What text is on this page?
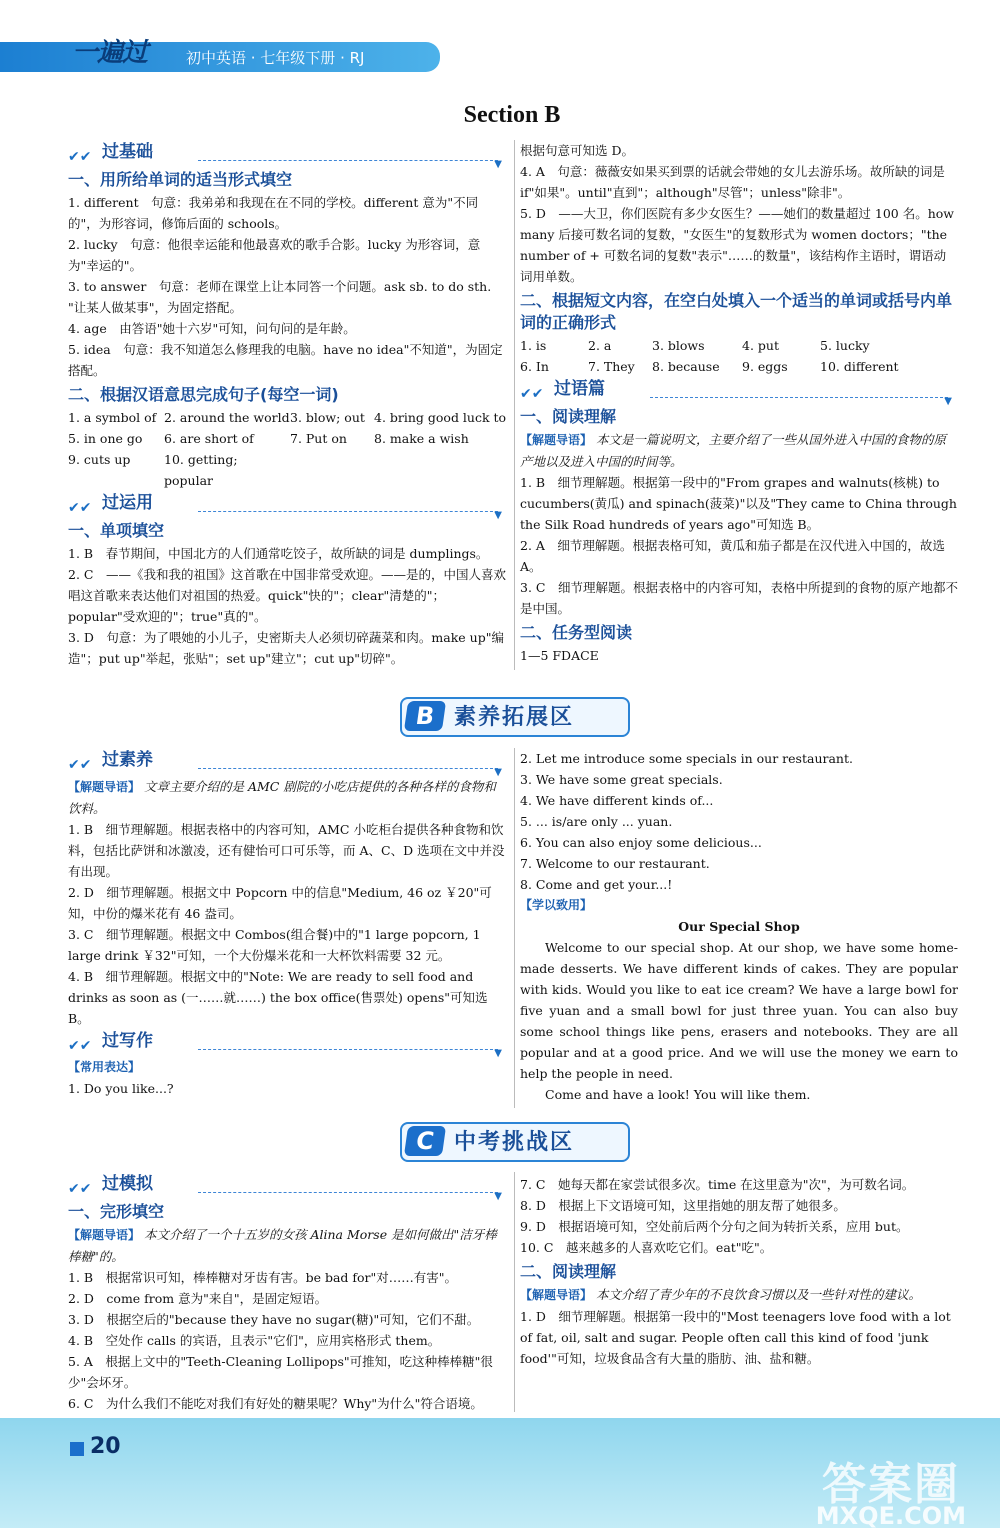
一遍过	初中英语 · 七年级下册 · RJ
Section B
✔✔ 过基础
▼
一、用所给单词的适当形式填空

1. different　句意：我弟弟和我现在在不同的学校。different 意为"不同的"，为形容词，修饰后面的 schools。

2. lucky　句意：他很幸运能和他最喜欢的歌手合影。lucky 为形容词，意为"幸运的"。

3. to answer　句意：老师在课堂上让本同答一个问题。ask sb. to do sth. "让某人做某事"，为固定搭配。

4. age　由答语"她十六岁"可知，问句问的是年龄。

5. idea　句意：我不知道怎么修理我的电脑。have no idea"不知道"，为固定搭配。

二、根据汉语意思完成句子(每空一词)
1. a symbol of 2. around the world 3. blow; out 4. bring good luck to
5. in one go	6. are short of	7. Put on	8. make a wish
9. cuts up	10. getting; popular
✔✔ 过运用
▼
一、单项填空

1. B　春节期间，中国北方的人们通常吃饺子，故所缺的词是 dumplings。

2. C　——《我和我的祖国》这首歌在中国非常受欢迎。——是的，中国人喜欢唱这首歌来表达他们对祖国的热爱。quick"快的"；clear"清楚的"；popular"受欢迎的"；true"真的"。

3. D　句意：为了喂她的小儿子，史密斯夫人必须切碎蔬菜和肉。make up"编造"；put up"举起，张贴"；set up"建立"；cut up"切碎"。

根据句意可知选 D。

4. A　句意：薇薇安如果买到票的话就会带她的女儿去游乐场。故所缺的词是 if"如果"。until"直到"；although"尽管"；unless"除非"。

5. D　——大卫，你们医院有多少女医生？——她们的数量超过 100 名。how many 后接可数名词的复数，"女医生"的复数形式为 women doctors；"the number of + 可数名词的复数"表示"……的数量"，该结构作主语时，谓语动词用单数。

二、根据短文内容，在空白处填入一个适当的单词或括号内单词的正确形式
1. is	2. a	3. blows	4. put	5. lucky
6. In	7. They	8. because	9. eggs	10. different
✔✔ 过语篇
▼
一、阅读理解

【解题导语】 本文是一篇说明文，主要介绍了一些从国外进入中国的食物的原产地以及进入中国的时间等。

1. B　细节理解题。根据第一段中的"From grapes and walnuts(核桃) to cucumbers(黄瓜) and spinach(菠菜)"以及"They came to China through the Silk Road hundreds of years ago"可知选 B。

2. A　细节理解题。根据表格可知，黄瓜和茄子都是在汉代进入中国的，故选 A。

3. C　细节理解题。根据表格中的内容可知，表格中所提到的食物的原产地都不是中国。

二、任务型阅读

1—5 FDACE

B 素养拓展区
✔✔ 过素养
▼

【解题导语】 文章主要介绍的是 AMC 剧院的小吃店提供的各种各样的食物和饮料。

1. B　细节理解题。根据表格中的内容可知，AMC 小吃柜台提供各种食物和饮料，包括比萨饼和冰激凌，还有健怡可口可乐等，而 A、C、D 选项在文中并没有出现。

2. D　细节理解题。根据文中 Popcorn 中的信息"Medium, 46 oz ￥20"可知，中份的爆米花有 46 盎司。

3. C　细节理解题。根据文中 Combos(组合餐)中的"1 large popcorn, 1 large drink ￥32"可知，一个大份爆米花和一大杯饮料需要 32 元。

4. B　细节理解题。根据文中的"Note: We are ready to sell food and drinks as soon as (一……就……) the box office(售票处) opens"可知选 B。

✔✔ 过写作
▼

【常用表达】

1. Do you like...?

2. Let me introduce some specials in our restaurant.

3. We have some great specials.

4. We have different kinds of...

5. ... is/are only ... yuan.

6. You can also enjoy some delicious...

7. Welcome to our restaurant.

8. Come and get your...!

【学以致用】

Our Special Shop

Welcome to our special shop. At our shop, we have some home-made desserts. We have different kinds of cakes. They are popular with kids. Would you like to eat ice cream? We have a large bowl for five yuan and a small bowl for just three yuan. You can also buy some school things like pens, erasers and notebooks. They are all popular and at a good price. And we will use the money we earn to help the people in need.

Come and have a look! You will like them.

C 中考挑战区
✔✔ 过模拟
▼
一、完形填空

【解题导语】 本文介绍了一个十五岁的女孩 Alina Morse 是如何做出"洁牙棒棒糖"的。

1. B　根据常识可知，棒棒糖对牙齿有害。be bad for"对……有害"。

2. D　come from 意为"来自"，是固定短语。

3. D　根据空后的"because they have no sugar(糖)"可知，它们不甜。

4. B　空处作 calls 的宾语，且表示"它们"，应用宾格形式 them。

5. A　根据上文中的"Teeth-Cleaning Lollipops"可推知，吃这种棒棒糖"很少"会坏牙。

6. C　为什么我们不能吃对我们有好处的糖果呢？Why"为什么"符合语境。

7. C　她每天都在家尝试很多次。time 在这里意为"次"，为可数名词。

8. D　根据上下文语境可知，这里指她的朋友帮了她很多。

9. D　根据语境可知，空处前后两个分句之间为转折关系，应用 but。

10. C　越来越多的人喜欢吃它们。eat"吃"。

二、阅读理解

【解题导语】 本文介绍了青少年的不良饮食习惯以及一些针对性的建议。

1. D　细节理解题。根据第一段中的"Most teenagers love food with a lot of fat, oil, salt and sugar. People often call this kind of food 'junk food'"可知，垃圾食品含有大量的脂肪、油、盐和糖。

20
答案圈
MXQE.COM
